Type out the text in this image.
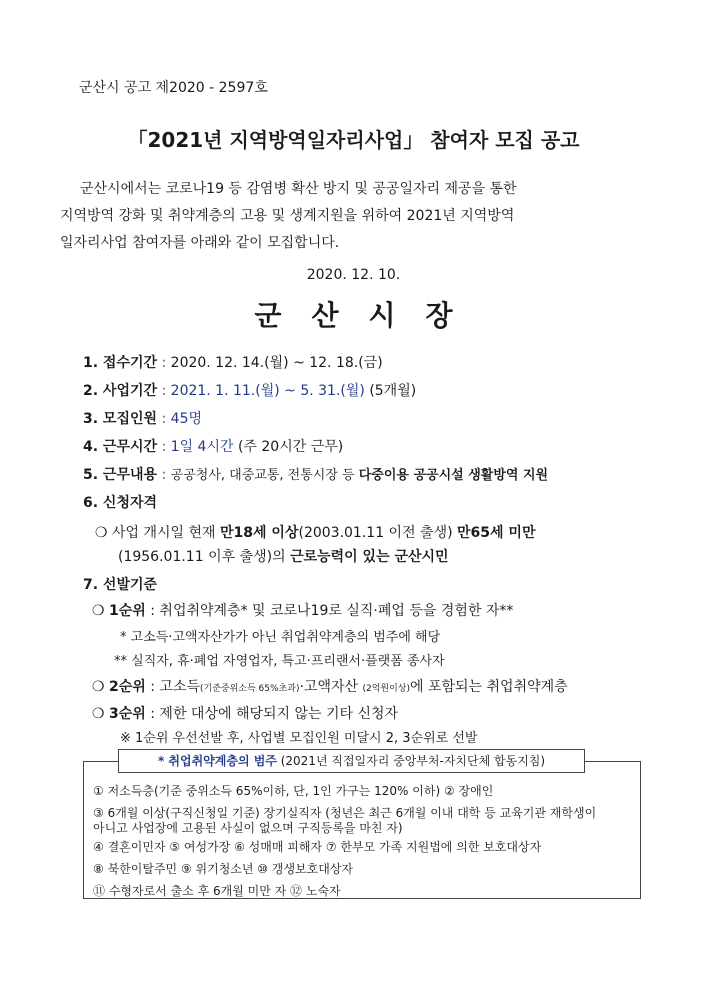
군산시 공고 제2020 - 2597호
「2021년 지역방역일자리사업」 참여자 모집 공고
군산시에서는 코로나19 등 감염병 확산 방지 및 공공일자리 제공을 통한
지역방역 강화 및 취약계층의 고용 및 생계지원을 위하여 2021년 지역방역
일자리사업 참여자를 아래와 같이 모집합니다.
2020. 12. 10.
군산시장
1. 접수기간 : 2020. 12. 14.(월) ~ 12. 18.(금)
2. 사업기간 : 2021. 1. 11.(월) ~ 5. 31.(월) (5개월)
3. 모집인원 : 45명
4. 근무시간 : 1일 4시간 (주 20시간 근무)
5. 근무내용 : 공공청사, 대중교통, 전통시장 등 다중이용 공공시설 생활방역 지원
6. 신청자격
❍ 사업 개시일 현재 만18세 이상(2003.01.11 이전 출생) 만65세 미만
(1956.01.11 이후 출생)의 근로능력이 있는 군산시민
7. 선발기준
❍ 1순위 : 취업취약계층* 및 코로나19로 실직·폐업 등을 경험한 자**
* 고소득·고액자산가가 아닌 취업취약계층의 범주에 해당
** 실직자, 휴·폐업 자영업자, 특고·프리랜서·플랫폼 종사자
❍ 2순위 : 고소득(기준중위소득 65%초과)·고액자산 (2억원이상)에 포함되는 취업취약계층
❍ 3순위 : 제한 대상에 해당되지 않는 기타 신청자
※ 1순위 우선선발 후, 사업별 모집인원 미달시 2, 3순위로 선발
* 취업취약계층의 범주 (2021년 직접일자리 중앙부처-자치단체 합동지침)
① 저소득층(기준 중위소득 65%이하, 단, 1인 가구는 120% 이하) ② 장애인
③ 6개월 이상(구직신청일 기준) 장기실직자 (청년은 최근 6개월 이내 대학 등 교육기관 재학생이
아니고 사업장에 고용된 사실이 없으며 구직등록을 마친 자)
④ 결혼이민자 ⑤ 여성가장 ⑥ 성매매 피해자 ⑦ 한부모 가족 지원법에 의한 보호대상자
⑧ 북한이탈주민 ⑨ 위기청소년 ⑩ 갱생보호대상자
⑪ 수형자로서 출소 후 6개월 미만 자 ⑫ 노숙자
